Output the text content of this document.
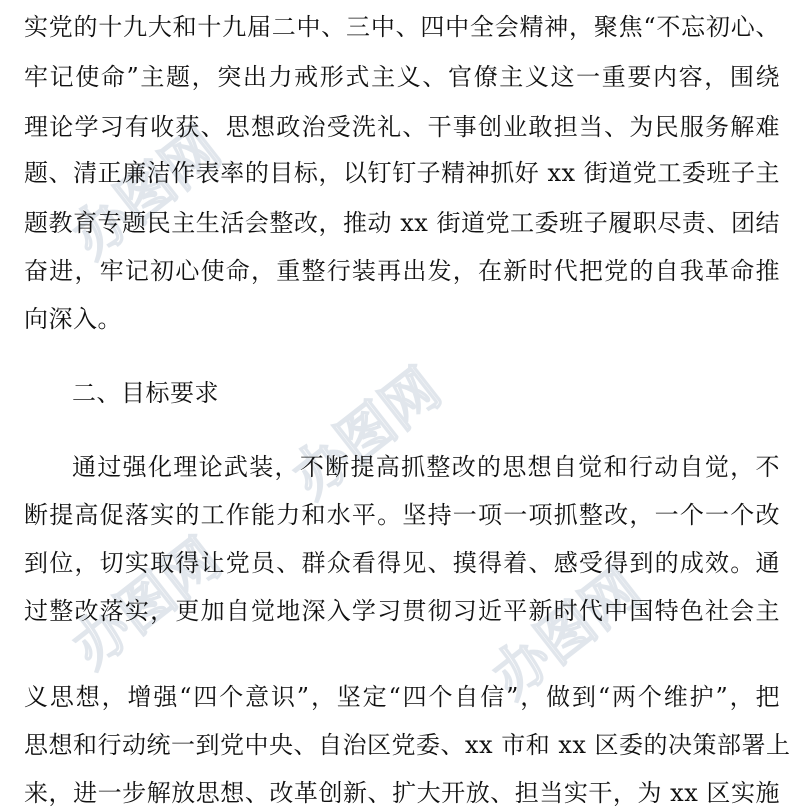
办图网
办图网
办图网	办图网
实党的十九大和十九届二中、三中、四中全会精神，聚焦“不忘初心、
牢记使命”主题，突出力戒形式主义、官僚主义这一重要内容，围绕
理论学习有收获、思想政治受洗礼、干事创业敢担当、为民服务解难
题、清正廉洁作表率的目标，以钉钉子精神抓好 xx 街道党工委班子主
题教育专题民主生活会整改，推动 xx 街道党工委班子履职尽责、团结
奋进，牢记初心使命，重整行装再出发，在新时代把党的自我革命推
向深入。
二、目标要求
通过强化理论武装，不断提高抓整改的思想自觉和行动自觉，不
断提高促落实的工作能力和水平。坚持一项一项抓整改，一个一个改
到位，切实取得让党员、群众看得见、摸得着、感受得到的成效。通
过整改落实，更加自觉地深入学习贯彻习近平新时代中国特色社会主
义思想，增强“四个意识”，坚定“四个自信”，做到“两个维护”，把
思想和行动统一到党中央、自治区党委、xx 市和 xx 区委的决策部署上
来，进一步解放思想、改革创新、扩大开放、担当实干，为 xx 区实施
